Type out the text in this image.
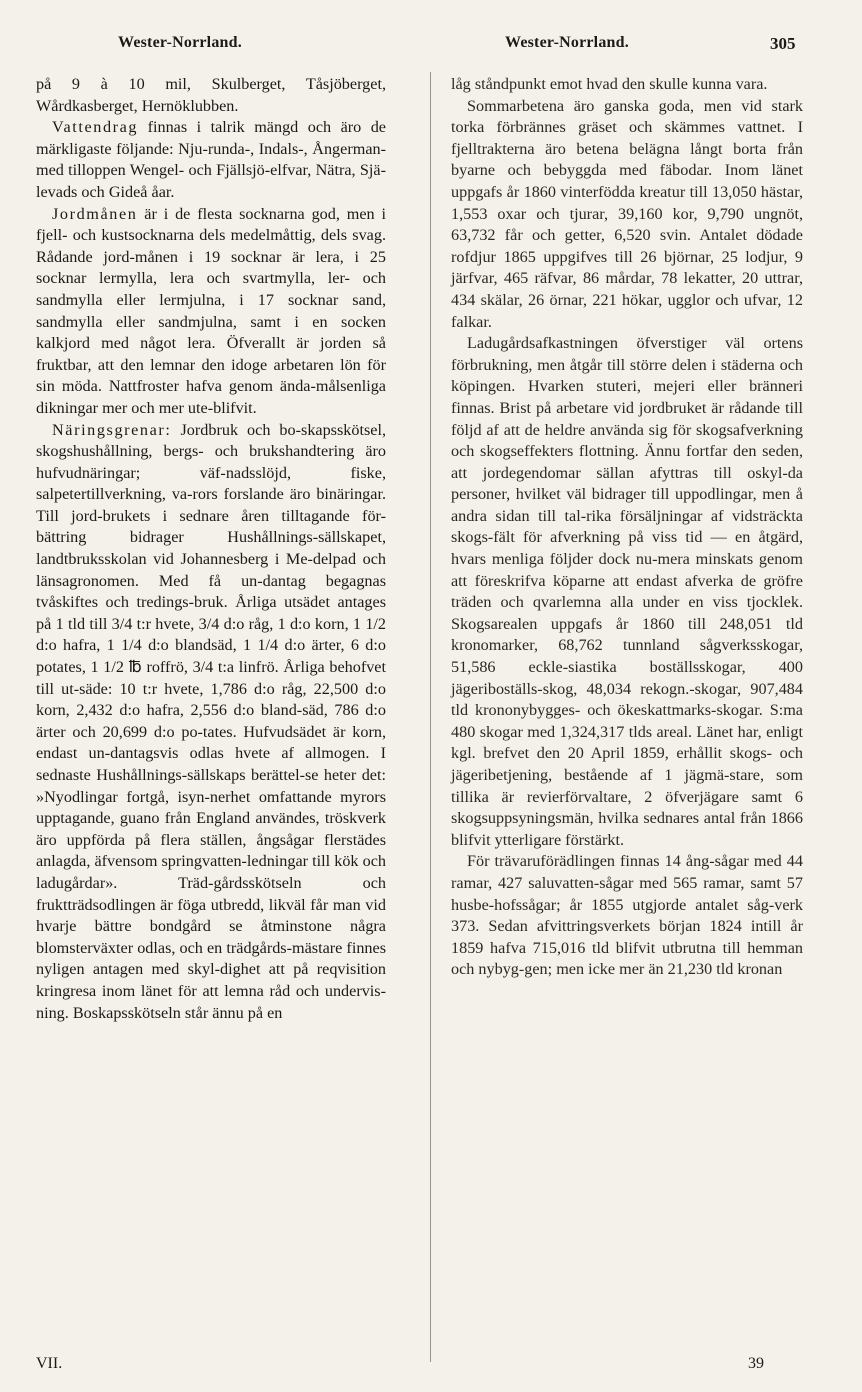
Wester-Norrland.	Wester-Norrland.	305

på 9 à 10 mil, Skulberget, Tåsjöberget, Wårdkasberget, Hernöklubben.

Vattendrag finnas i talrik mängd och äro de märkligaste följande: Nju-runda-, Indals-, Ångerman- med tilloppen Wengel- och Fjällsjö-elfvar, Nätra, Sjä-levads och Gideå åar.

Jordmånen är i de flesta socknarna god, men i fjell- och kustsocknarna dels medelmåttig, dels svag. Rådande jord-månen i 19 socknar är lera, i 25 socknar lermylla, lera och svartmylla, ler- och sandmylla eller lermjulna, i 17 socknar sand, sandmylla eller sandmjulna, samt i en socken kalkjord med något lera. Öfverallt är jorden så fruktbar, att den lemnar den idoge arbetaren lön för sin möda. Nattfroster hafva genom ända-målsenliga dikningar mer och mer ute-blifvit.

Näringsgrenar: Jordbruk och bo-skapsskötsel, skogshushållning, bergs- och brukshandtering äro hufvudnäringar; väf-nadsslöjd, fiske, salpetertillverkning, va-rors forslande äro binäringar. Till jord-brukets i sednare åren tilltagande för-bättring bidrager Hushållnings-sällskapet, landtbruksskolan vid Johannesberg i Me-delpad och länsagronomen. Med få un-dantag begagnas tvåskiftes och tredings-bruk. Årliga utsädet antages på 1 tld till 3/4 t:r hvete, 3/4 d:o råg, 1 d:o korn, 1 1/2 d:o hafra, 1 1/4 d:o blandsäd, 1 1/4 d:o ärter, 6 d:o potates, 1 1/2 ℔ roffrö, 3/4 t:a linfrö. Årliga behofvet till ut-säde: 10 t:r hvete, 1,786 d:o råg, 22,500 d:o korn, 2,432 d:o hafra, 2,556 d:o bland-säd, 786 d:o ärter och 20,699 d:o po-tates. Hufvudsädet är korn, endast un-dantagsvis odlas hvete af allmogen. I sednaste Hushållnings-sällskaps berättel-se heter det: »Nyodlingar fortgå, isyn-nerhet omfattande myrors upptagande, guano från England användes, tröskverk äro uppförda på flera ställen, ångsågar flerstädes anlagda, äfvensom springvatten-ledningar till kök och ladugårdar». Träd-gårdsskötseln och fruktträdsodlingen är föga utbredd, likväl får man vid hvarje bättre bondgård se åtminstone några blomsterväxter odlas, och en trädgårds-mästare finnes nyligen antagen med skyl-dighet att på reqvisition kringresa inom länet för att lemna råd och undervis-ning. Boskapsskötseln står ännu på en

låg ståndpunkt emot hvad den skulle kunna vara.

Sommarbetena äro ganska goda, men vid stark torka förbrännes gräset och skämmes vattnet. I fjelltrakterna äro betena belägna långt borta från byarne och bebyggda med fäbodar. Inom länet uppgafs år 1860 vinterfödda kreatur till 13,050 hästar, 1,553 oxar och tjurar, 39,160 kor, 9,790 ungnöt, 63,732 får och getter, 6,520 svin. Antalet dödade rofdjur 1865 uppgifves till 26 björnar, 25 lodjur, 9 järfvar, 465 räfvar, 86 mårdar, 78 lekatter, 20 uttrar, 434 skälar, 26 örnar, 221 hökar, ugglor och ufvar, 12 falkar.

Ladugårdsafkastningen öfverstiger väl ortens förbrukning, men åtgår till större delen i städerna och köpingen. Hvarken stuteri, mejeri eller bränneri finnas. Brist på arbetare vid jordbruket är rådande till följd af att de heldre använda sig för skogsafverkning och skogseffekters flottning. Ännu fortfar den seden, att jordegendomar sällan afyttras till oskyl-da personer, hvilket väl bidrager till uppodlingar, men å andra sidan till tal-rika försäljningar af vidsträckta skogs-fält för afverkning på viss tid — en åtgärd, hvars menliga följder dock nu-mera minskats genom att föreskrifva köparne att endast afverka de gröfre träden och qvarlemna alla under en viss tjocklek. Skogsarealen uppgafs år 1860 till 248,051 tld kronomarker, 68,762 tunnland sågverksskogar, 51,586 eckle-siastika boställsskogar, 400 jägeriboställs-skog, 48,034 rekogn.-skogar, 907,484 tld krononybygges- och ökeskattmarks-skogar. S:ma 480 skogar med 1,324,317 tlds areal. Länet har, enligt kgl. brefvet den 20 April 1859, erhållit skogs- och jägeribetjening, bestående af 1 jägmä-stare, som tillika är revierförvaltare, 2 öfverjägare samt 6 skogsuppsyningsmän, hvilka sednares antal från 1866 blifvit ytterligare förstärkt.

För trävaruförädlingen finnas 14 ång-sågar med 44 ramar, 427 saluvatten-sågar med 565 ramar, samt 57 husbe-hofssågar; år 1855 utgjorde antalet såg-verk 373. Sedan afvittringsverkets början 1824 intill år 1859 hafva 715,016 tld blifvit utbrutna till hemman och nybyg-gen; men icke mer än 21,230 tld kronan

VII.	39
